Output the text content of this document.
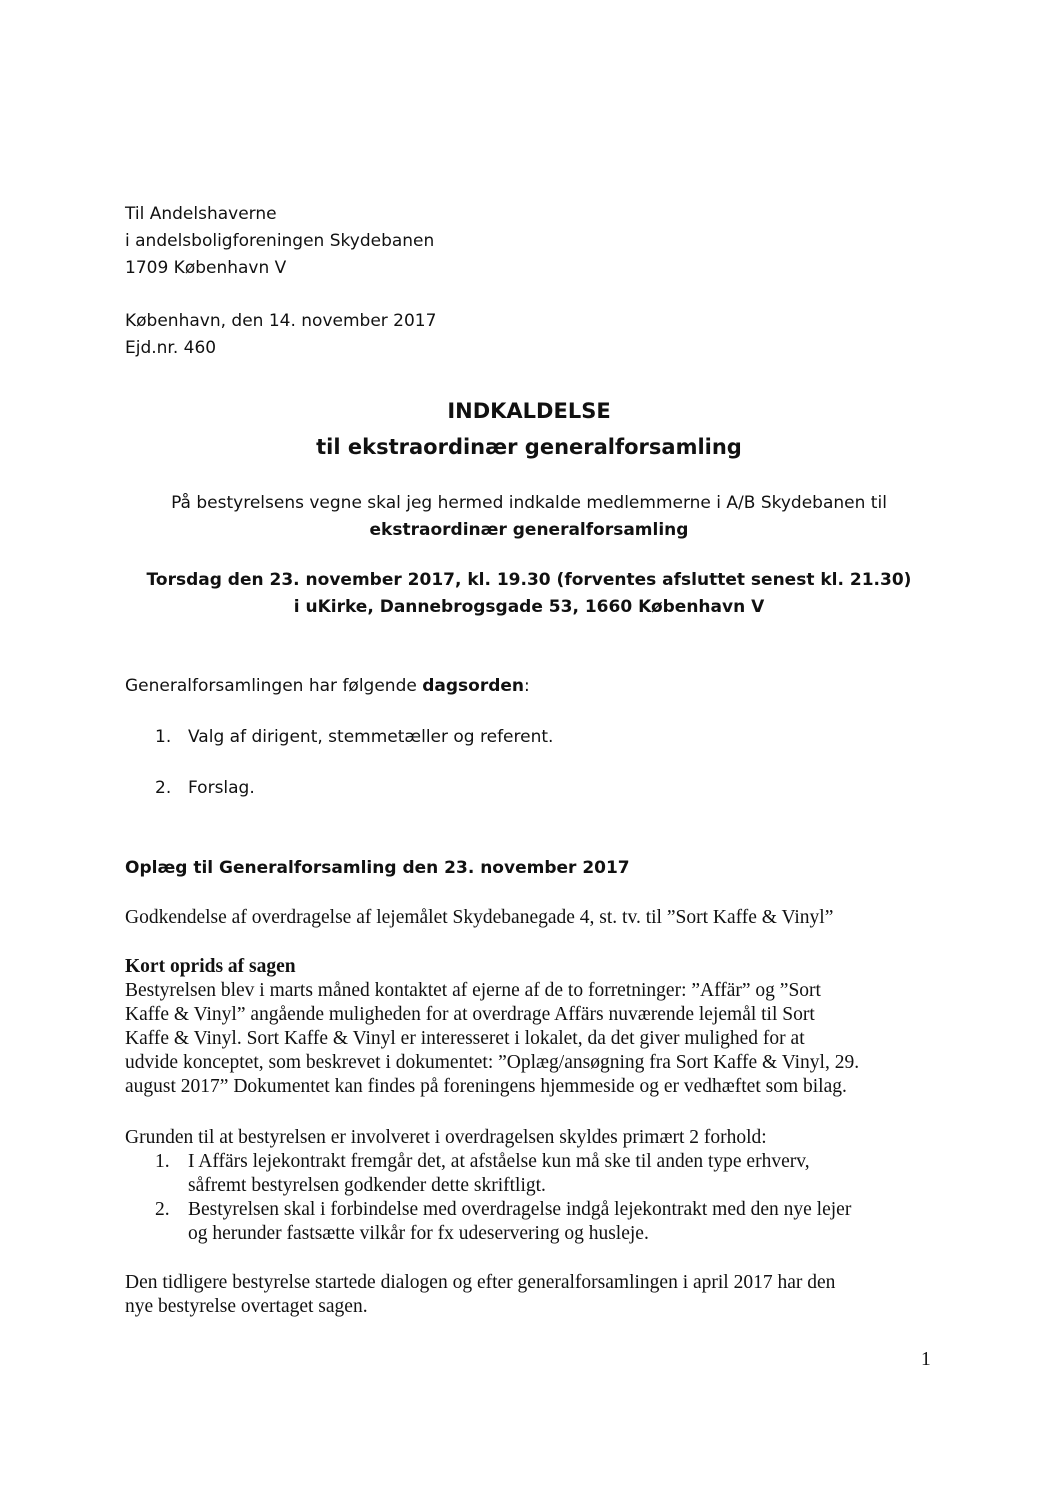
Til Andelshaverne
i andelsboligforeningen Skydebanen
1709 København V
København, den 14. november 2017
Ejd.nr. 460
INDKALDELSE
til ekstraordinær generalforsamling
På bestyrelsens vegne skal jeg hermed indkalde medlemmerne i A/B Skydebanen til
ekstraordinær generalforsamling
Torsdag den 23. november 2017, kl. 19.30 (forventes afsluttet senest kl. 21.30)
i uKirke, Dannebrogsgade 53, 1660 København V
Generalforsamlingen har følgende dagsorden:
1. Valg af dirigent, stemmetæller og referent.
2. Forslag.
Oplæg til Generalforsamling den 23. november 2017
Godkendelse af overdragelse af lejemålet Skydebanegade 4, st. tv. til ”Sort Kaffe & Vinyl”
Kort oprids af sagen
Bestyrelsen blev i marts måned kontaktet af ejerne af de to forretninger: ”Affär” og ”Sort
Kaffe & Vinyl” angående muligheden for at overdrage Affärs nuværende lejemål til Sort
Kaffe & Vinyl. Sort Kaffe & Vinyl er interesseret i lokalet, da det giver mulighed for at
udvide konceptet, som beskrevet i dokumentet: ”Oplæg/ansøgning fra Sort Kaffe & Vinyl, 29.
august 2017” Dokumentet kan findes på foreningens hjemmeside og er vedhæftet som bilag.
Grunden til at bestyrelsen er involveret i overdragelsen skyldes primært 2 forhold:
1. I Affärs lejekontrakt fremgår det, at afståelse kun må ske til anden type erhverv,
såfremt bestyrelsen godkender dette skriftligt.
2. Bestyrelsen skal i forbindelse med overdragelse indgå lejekontrakt med den nye lejer
og herunder fastsætte vilkår for fx udeservering og husleje.
Den tidligere bestyrelse startede dialogen og efter generalforsamlingen i april 2017 har den
nye bestyrelse overtaget sagen.
1
